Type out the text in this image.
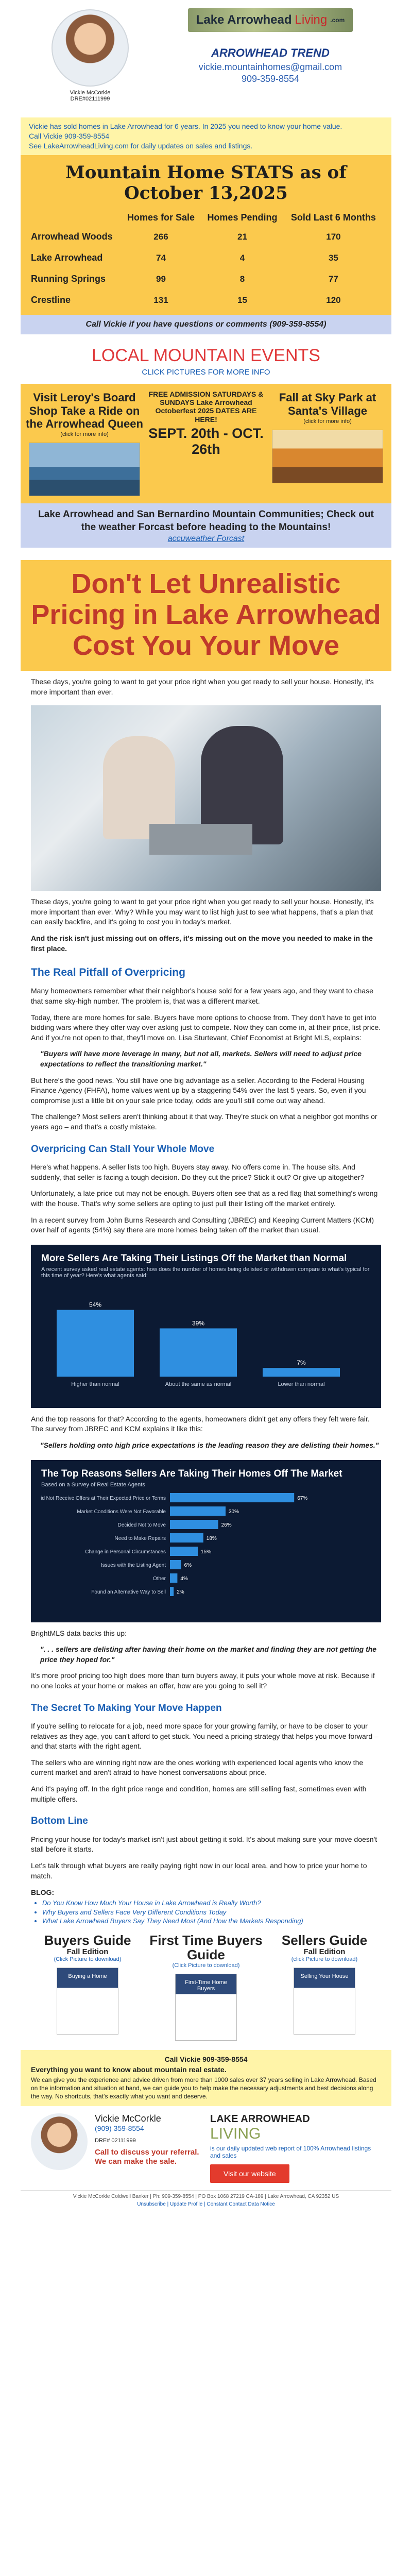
Vickie McCorkle
DRE#02111999
Lake Arrowhead Living .com
ARROWHEAD TREND
vickie.mountainhomes@gmail.com
909-359-8554
Vickie has sold homes in Lake Arrowhead for 6 years. In 2025 you need to know your home value.
Call Vickie 909-359-8554
See LakeArrowheadLiving.com for daily updates on sales and listings.
Mountain Home STATS as of October 13,2025
	Homes for Sale	Homes Pending	Sold Last 6 Months
Arrowhead Woods	266	21	170
Lake Arrowhead	74	4	35
Running Springs	99	8	77
Crestline	131	15	120
Call Vickie if you have questions or comments (909-359-8554)
LOCAL MOUNTAIN EVENTS
CLICK PICTURES FOR MORE INFO
Visit Leroy's Board Shop Take a Ride on the Arrowhead Queen
(click for more info)
FREE ADMISSION SATURDAYS & SUNDAYS Lake Arrowhead Octoberfest 2025 DATES ARE HERE!
SEPT. 20th - OCT. 26th
Fall at Sky Park at Santa's Village
(click for more info)

Lake Arrowhead and San Bernardino Mountain Communities; Check out the weather Forcast before heading to the Mountains!

accuweather Forcast
Don't Let Unrealistic Pricing in Lake Arrowhead Cost You Your Move

These days, you're going to want to get your price right when you get ready to sell your house. Honestly, it's more important than ever.

These days, you're going to want to get your price right when you get ready to sell your house. Honestly, it's more important than ever. Why? While you may want to list high just to see what happens, that's a plan that can easily backfire, and it's going to cost you in today's market.

And the risk isn't just missing out on offers, it's missing out on the move you needed to make in the first place.

The Real Pitfall of Overpricing

Many homeowners remember what their neighbor's house sold for a few years ago, and they want to chase that same sky-high number. The problem is, that was a different market.

Today, there are more homes for sale. Buyers have more options to choose from. They don't have to get into bidding wars where they offer way over asking just to compete. Now they can come in, at their price, list price. And if you're not open to that, they'll move on. Lisa Sturtevant, Chief Economist at Bright MLS, explains:

"Buyers will have more leverage in many, but not all, markets. Sellers will need to adjust price expectations to reflect the transitioning market."

But here's the good news. You still have one big advantage as a seller. According to the Federal Housing Finance Agency (FHFA), home values went up by a staggering 54% over the last 5 years. So, even if you compromise just a little bit on your sale price today, odds are you'll still come out way ahead.

The challenge? Most sellers aren't thinking about it that way. They're stuck on what a neighbor got months or years ago – and that's a costly mistake.

Overpricing Can Stall Your Whole Move

Here's what happens. A seller lists too high. Buyers stay away. No offers come in. The house sits. And suddenly, that seller is facing a tough decision. Do they cut the price? Stick it out? Or give up altogether?

Unfortunately, a late price cut may not be enough. Buyers often see that as a red flag that something's wrong with the house. That's why some sellers are opting to just pull their listing off the market entirely.

In a recent survey from John Burns Research and Consulting (JBREC) and Keeping Current Matters (KCM) over half of agents (54%) say there are more homes being taken off the market than usual.

More Sellers Are Taking Their Listings Off the Market than Normal
A recent survey asked real estate agents: how does the number of homes being delisted or withdrawn compare to what's typical for this time of year? Here's what agents said:
54%
Higher than normal
39%
About the same as normal
7%
Lower than normal

And the top reasons for that? According to the agents, homeowners didn't get any offers they felt were fair. The survey from JBREC and KCM explains it like this:

"Sellers holding onto high price expectations is the leading reason they are delisting their homes."

The Top Reasons Sellers Are Taking Their Homes Off The Market
Based on a Survey of Real Estate Agents
Did Not Receive Offers at Their Expected Price or Terms	67%
Market Conditions Were Not Favorable	30%
Decided Not to Move	26%
Need to Make Repairs	18%
Change in Personal Circumstances	15%
Issues with the Listing Agent	6%
Other	4%
Found an Alternative Way to Sell 2%

BrightMLS data backs this up:

". . . sellers are delisting after having their home on the market and finding they are not getting the price they hoped for."

It's more proof pricing too high does more than turn buyers away, it puts your whole move at risk. Because if no one looks at your home or makes an offer, how are you going to sell it?

The Secret To Making Your Move Happen

If you're selling to relocate for a job, need more space for your growing family, or have to be closer to your relatives as they age, you can't afford to get stuck. You need a pricing strategy that helps you move forward – and that starts with the right agent.

The sellers who are winning right now are the ones working with experienced local agents who know the current market and aren't afraid to have honest conversations about price.

And it's paying off. In the right price range and condition, homes are still selling fast, sometimes even with multiple offers.

Bottom Line

Pricing your house for today's market isn't just about getting it sold. It's about making sure your move doesn't stall before it starts.

Let's talk through what buyers are really paying right now in our local area, and how to price your home to match.

BLOG:
• Do You Know How Much Your House in Lake Arrowhead is Really Worth?
• Why Buyers and Sellers Face Very Different Conditions Today
• What Lake Arrowhead Buyers Say They Need Most (And How the Markets Responding)
Buyers Guide
Fall Edition
(Click Picture to download)
Buying a Home
First Time Buyers Guide
(Click Picture to download)
First-Time Home Buyers
Sellers Guide
Fall Edition
(click Picture to download)
Selling Your House
Call Vickie 909-359-8554
Everything you want to know about mountain real estate.

We can give you the experience and advice driven from more than 1000 sales over 37 years selling in Lake Arrowhead. Based on the information and situation at hand, we can guide you to help make the necessary adjustments and best decisions along the way. No shortcuts, that's exactly what you want and deserve.

Vickie McCorkle
(909) 359-8554
DRE# 02111999
Call to discuss your referral. We can make the sale.
LAKE ARROWHEAD
LIVING

is our daily updated web report of 100% Arrowhead listings and sales

Visit our website
Vickie McCorkle Coldwell Banker | Ph: 909-359-8554 | PO Box 1068 27219 CA-189 | Lake Arrowhead, CA 92352 US
Unsubscribe | Update Profile | Constant Contact Data Notice
